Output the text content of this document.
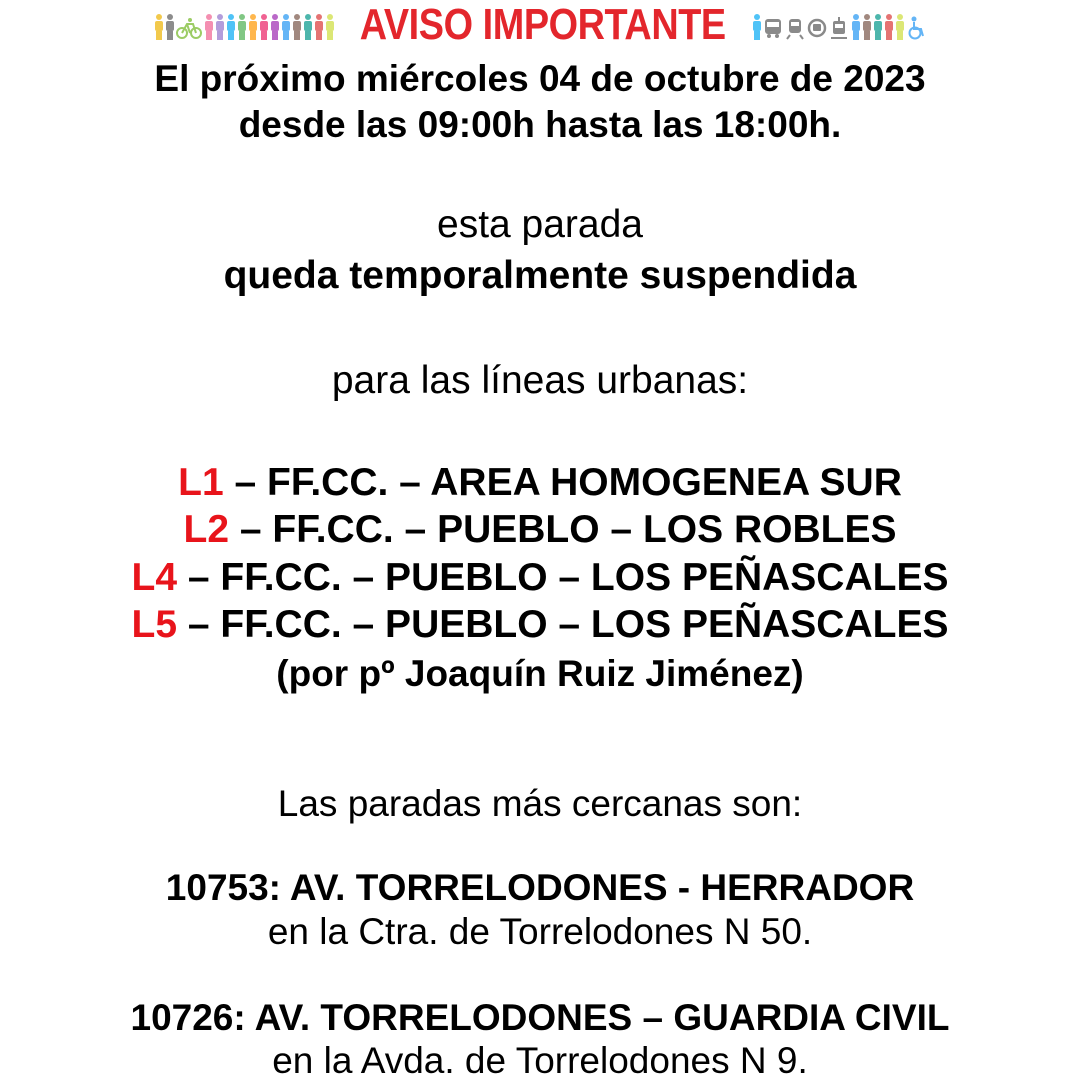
AVISO IMPORTANTE
El próximo miércoles 04 de octubre de 2023
desde las 09:00h hasta las 18:00h.
esta parada
queda temporalmente suspendida
para las líneas urbanas:
L1 – FF.CC. – AREA HOMOGENEA SUR
L2 – FF.CC. – PUEBLO – LOS ROBLES
L4 – FF.CC. – PUEBLO – LOS PEÑASCALES
L5 – FF.CC. – PUEBLO – LOS PEÑASCALES
(por pº Joaquín Ruiz Jiménez)
Las paradas más cercanas son:
10753: AV. TORRELODONES - HERRADOR
en la Ctra. de Torrelodones N 50.
10726: AV. TORRELODONES – GUARDIA CIVIL
en la Avda. de Torrelodones N 9.
